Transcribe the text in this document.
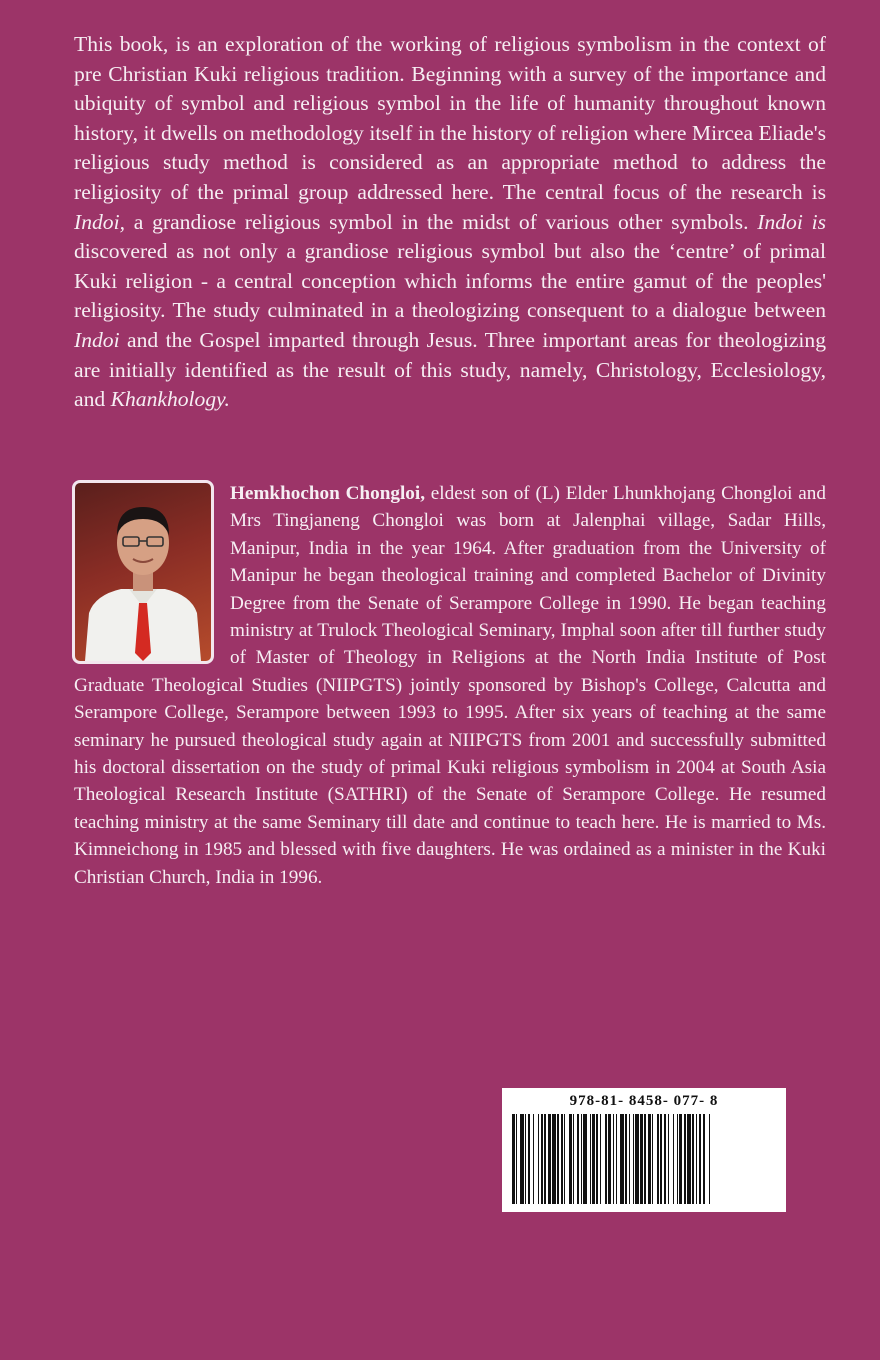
This book, is an exploration of the working of religious symbolism in the context of pre Christian Kuki religious tradition. Beginning with a survey of the importance and ubiquity of symbol and religious symbol in the life of humanity throughout known history, it dwells on methodology itself in the history of religion where Mircea Eliade's religious study method is considered as an appropriate method to address the religiosity of the primal group addressed here. The central focus of the research is Indoi, a grandiose religious symbol in the midst of various other symbols. Indoi is discovered as not only a grandiose religious symbol but also the ‘centre’ of primal Kuki religion - a central conception which informs the entire gamut of the peoples' religiosity. The study culminated in a theologizing consequent to a dialogue between Indoi and the Gospel imparted through Jesus. Three important areas for theologizing are initially identified as the result of this study, namely, Christology, Ecclesiology, and Khankhology.

Hemkhochon Chongloi, eldest son of (L) Elder Lhunkhojang Chongloi and Mrs Tingjaneng Chongloi was born at Jalenphai village, Sadar Hills, Manipur, India in the year 1964. After graduation from the University of Manipur he began theological training and completed Bachelor of Divinity Degree from the Senate of Serampore College in 1990. He began teaching ministry at Trulock Theological Seminary, Imphal soon after till further study of Master of Theology in Religions at the North India Institute of Post Graduate Theological Studies (NIIPGTS) jointly sponsored by Bishop's College, Calcutta and Serampore College, Serampore between 1993 to 1995. After six years of teaching at the same seminary he pursued theological study again at NIIPGTS from 2001 and successfully submitted his doctoral dissertation on the study of primal Kuki religious symbolism in 2004 at South Asia Theological Research Institute (SATHRI) of the Senate of Serampore College. He resumed teaching ministry at the same Seminary till date and continue to teach here. He is married to Ms. Kimneichong in 1985 and blessed with five daughters. He was ordained as a minister in the Kuki Christian Church, India in 1996.

978-81- 8458- 077- 8
